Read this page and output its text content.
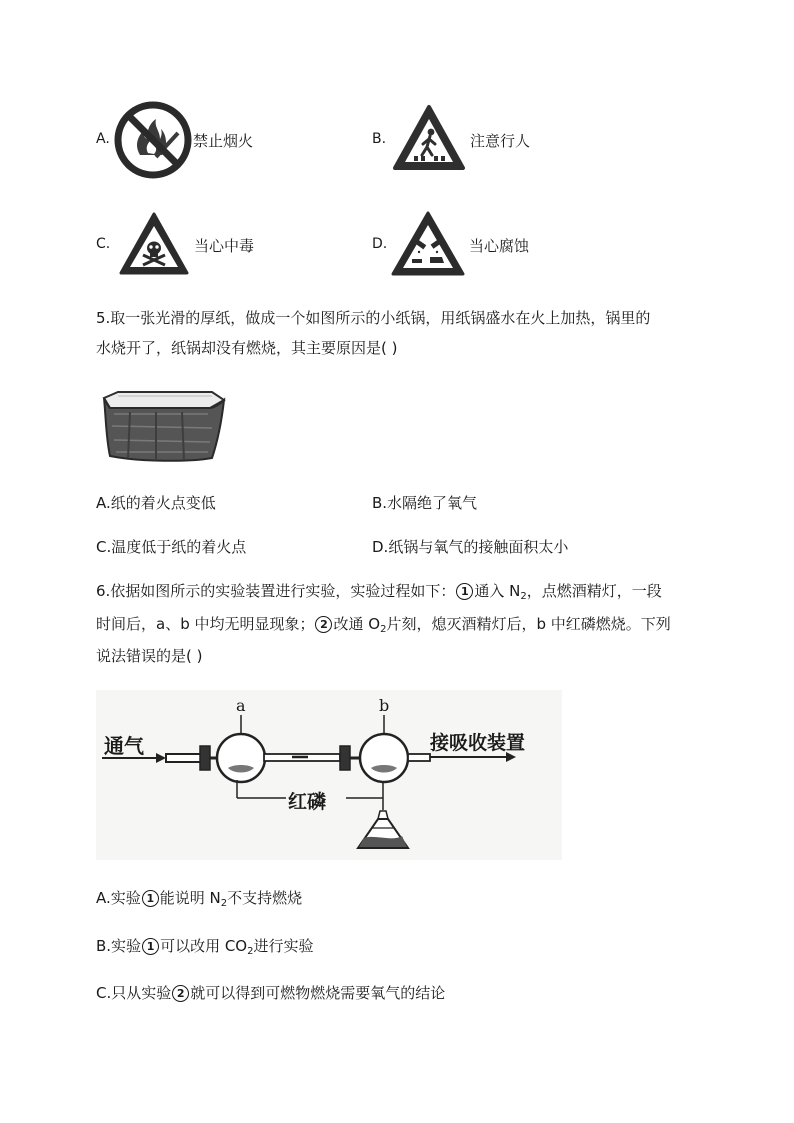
A.	禁止烟火	B.	注意行人
C.	当心中毒	D.	当心腐蚀
5.取一张光滑的厚纸，做成一个如图所示的小纸锅，用纸锅盛水在火上加热，锅里的
水烧开了，纸锅却没有燃烧，其主要原因是( )
A.纸的着火点变低	B.水隔绝了氧气
C.温度低于纸的着火点	D.纸锅与氧气的接触面积太小
6.依据如图所示的实验装置进行实验，实验过程如下： 1 通入 $N_2$，点燃酒精灯，一段
时间后，a、b 中均无明显现象； 2 改通 $O_2$片刻，熄灭酒精灯后，b 中红磷燃烧。下列
说法错误的是( )
通气
a	b
接吸收装置
红磷
A.实验 1 能说明 $N_2$不支持燃烧
B.实验 1 可以改用 $CO_2$进行实验
C.只从实验 2 就可以得到可燃物燃烧需要氧气的结论
